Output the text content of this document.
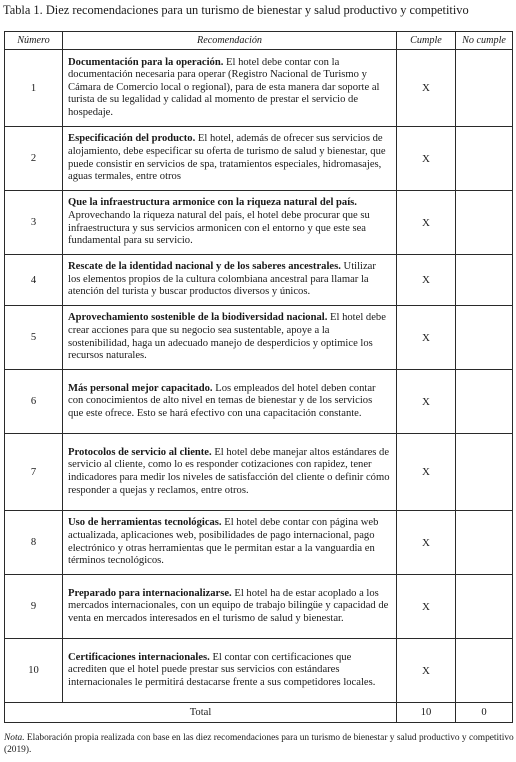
Tabla 1. Diez recomendaciones para un turismo de bienestar y salud productivo y competitivo
Número	Recomendación	Cumple	No cumple
1	Documentación para la operación. El hotel debe contar con la documentación necesaria para operar (Registro Nacional de Turismo y Cámara de Comercio local o regional), para de esta manera dar soporte al turista de su legalidad y calidad al momento de prestar el servicio de hospedaje.	X	
2	Especificación del producto. El hotel, además de ofrecer sus servicios de alojamiento, debe especificar su oferta de turismo de salud y bienestar, que puede consistir en servicios de spa, tratamientos especiales, hidromasajes, aguas termales, entre otros	X	
3	Que la infraestructura armonice con la riqueza natural del país. Aprovechando la riqueza natural del país, el hotel debe procurar que su infraestructura y sus servicios armonicen con el entorno y que este sea fundamental para su servicio.	X	
4	Rescate de la identidad nacional y de los saberes ancestrales. Utilizar los elementos propios de la cultura colombiana ancestral para llamar la atención del turista y buscar productos diversos y únicos.	X	
5	Aprovechamiento sostenible de la biodiversidad nacional. El hotel debe crear acciones para que su negocio sea sustentable, apoye a la sostenibilidad, haga un adecuado manejo de desperdicios y optimice los recursos naturales.	X	
6	Más personal mejor capacitado. Los empleados del hotel deben contar con conocimientos de alto nivel en temas de bienestar y de los servicios que este ofrece. Esto se hará efectivo con una capacitación constante.	X	
7	Protocolos de servicio al cliente. El hotel debe manejar altos estándares de servicio al cliente, como lo es responder cotizaciones con rapidez, tener indicadores para medir los niveles de satisfacción del cliente o definir cómo responder a quejas y reclamos, entre otros.	X	
8	Uso de herramientas tecnológicas. El hotel debe contar con página web actualizada, aplicaciones web, posibilidades de pago internacional, pago electrónico y otras herramientas que le permitan estar a la vanguardia en términos tecnológicos.	X	
9	Preparado para internacionalizarse. El hotel ha de estar acoplado a los mercados internacionales, con un equipo de trabajo bilingüe y capacidad de venta en mercados interesados en el turismo de salud y bienestar.	X	
10	Certificaciones internacionales. El contar con certificaciones que acrediten que el hotel puede prestar sus servicios con estándares internacionales le permitirá destacarse frente a sus competidores locales.	X	
Total		10	0
Nota. Elaboración propia realizada con base en las diez recomendaciones para un turismo de bienestar y salud productivo y competitivo (2019).
